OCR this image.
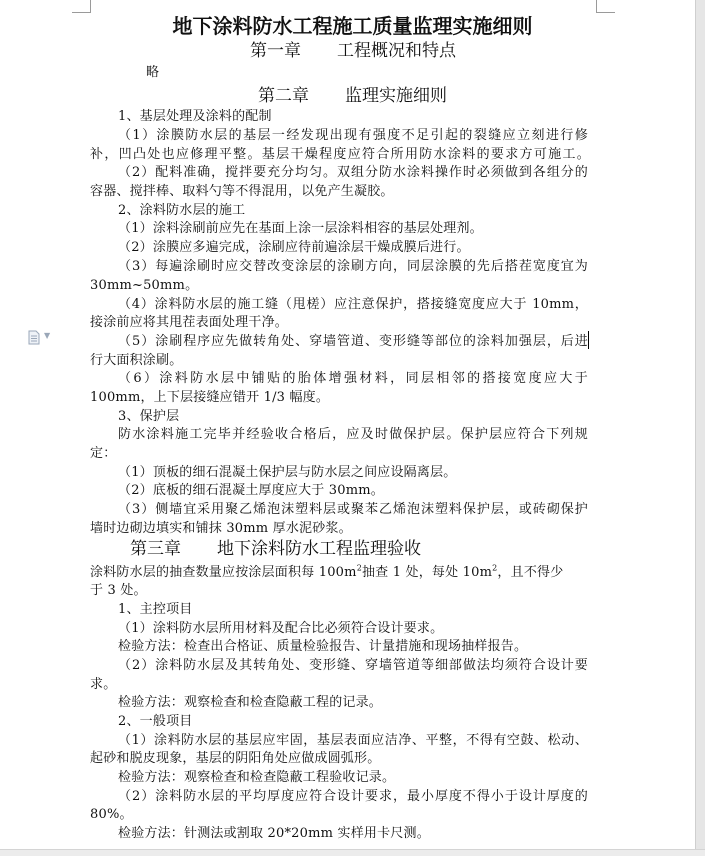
▼
地下涂料防水工程施工质量监理实施细则
第一章 工程概况和特点
略
第二章 监理实施细则
1、基层处理及涂料的配制
（1）涂膜防水层的基层一经发现出现有强度不足引起的裂缝应立刻进行修
补，凹凸处也应修理平整。基层干燥程度应符合所用防水涂料的要求方可施工。
（2）配料准确，搅拌要充分均匀。双组分防水涂料操作时必须做到各组分的
容器、搅拌棒、取料勺等不得混用，以免产生凝胶。
2、涂料防水层的施工
（1）涂料涂刷前应先在基面上涂一层涂料相容的基层处理剂。
（2）涂膜应多遍完成，涂刷应待前遍涂层干燥成膜后进行。
（3）每遍涂刷时应交替改变涂层的涂刷方向，同层涂膜的先后搭茬宽度宜为
30mm~50mm。
（4）涂料防水层的施工缝（甩槎）应注意保护，搭接缝宽度应大于 10mm，
接涂前应将其甩茬表面处理干净。
（5）涂刷程序应先做转角处、穿墙管道、变形缝等部位的涂料加强层，后进
行大面积涂刷。
（6）涂料防水层中铺贴的胎体增强材料，同层相邻的搭接宽度应大于
100mm，上下层接缝应错开 1/3 幅度。
3、保护层
防水涂料施工完毕并经验收合格后，应及时做保护层。保护层应符合下列规
定：
（1）顶板的细石混凝土保护层与防水层之间应设隔离层。
（2）底板的细石混凝土厚度应大于 30mm。
（3）侧墙宜采用聚乙烯泡沫塑料层或聚苯乙烯泡沫塑料保护层，或砖砌保护
墙时边砌边填实和铺抹 30mm 厚水泥砂浆。
第三章 地下涂料防水工程监理验收
涂料防水层的抽查数量应按涂层面积每 $100m^2$抽查 1 处，每处 $10m^2$，且不得少
于 3 处。
1、主控项目
（1）涂料防水层所用材料及配合比必须符合设计要求。
检验方法：检查出合格证、质量检验报告、计量措施和现场抽样报告。
（2）涂料防水层及其转角处、变形缝、穿墙管道等细部做法均须符合设计要
求。
检验方法：观察检查和检查隐蔽工程的记录。
2、一般项目
（1）涂料防水层的基层应牢固，基层表面应洁净、平整，不得有空鼓、松动、
起砂和脱皮现象，基层的阴阳角处应做成圆弧形。
检验方法：观察检查和检查隐蔽工程验收记录。
（2）涂料防水层的平均厚度应符合设计要求，最小厚度不得小于设计厚度的
80%。
检验方法：针测法或割取 20*20mm 实样用卡尺测。
